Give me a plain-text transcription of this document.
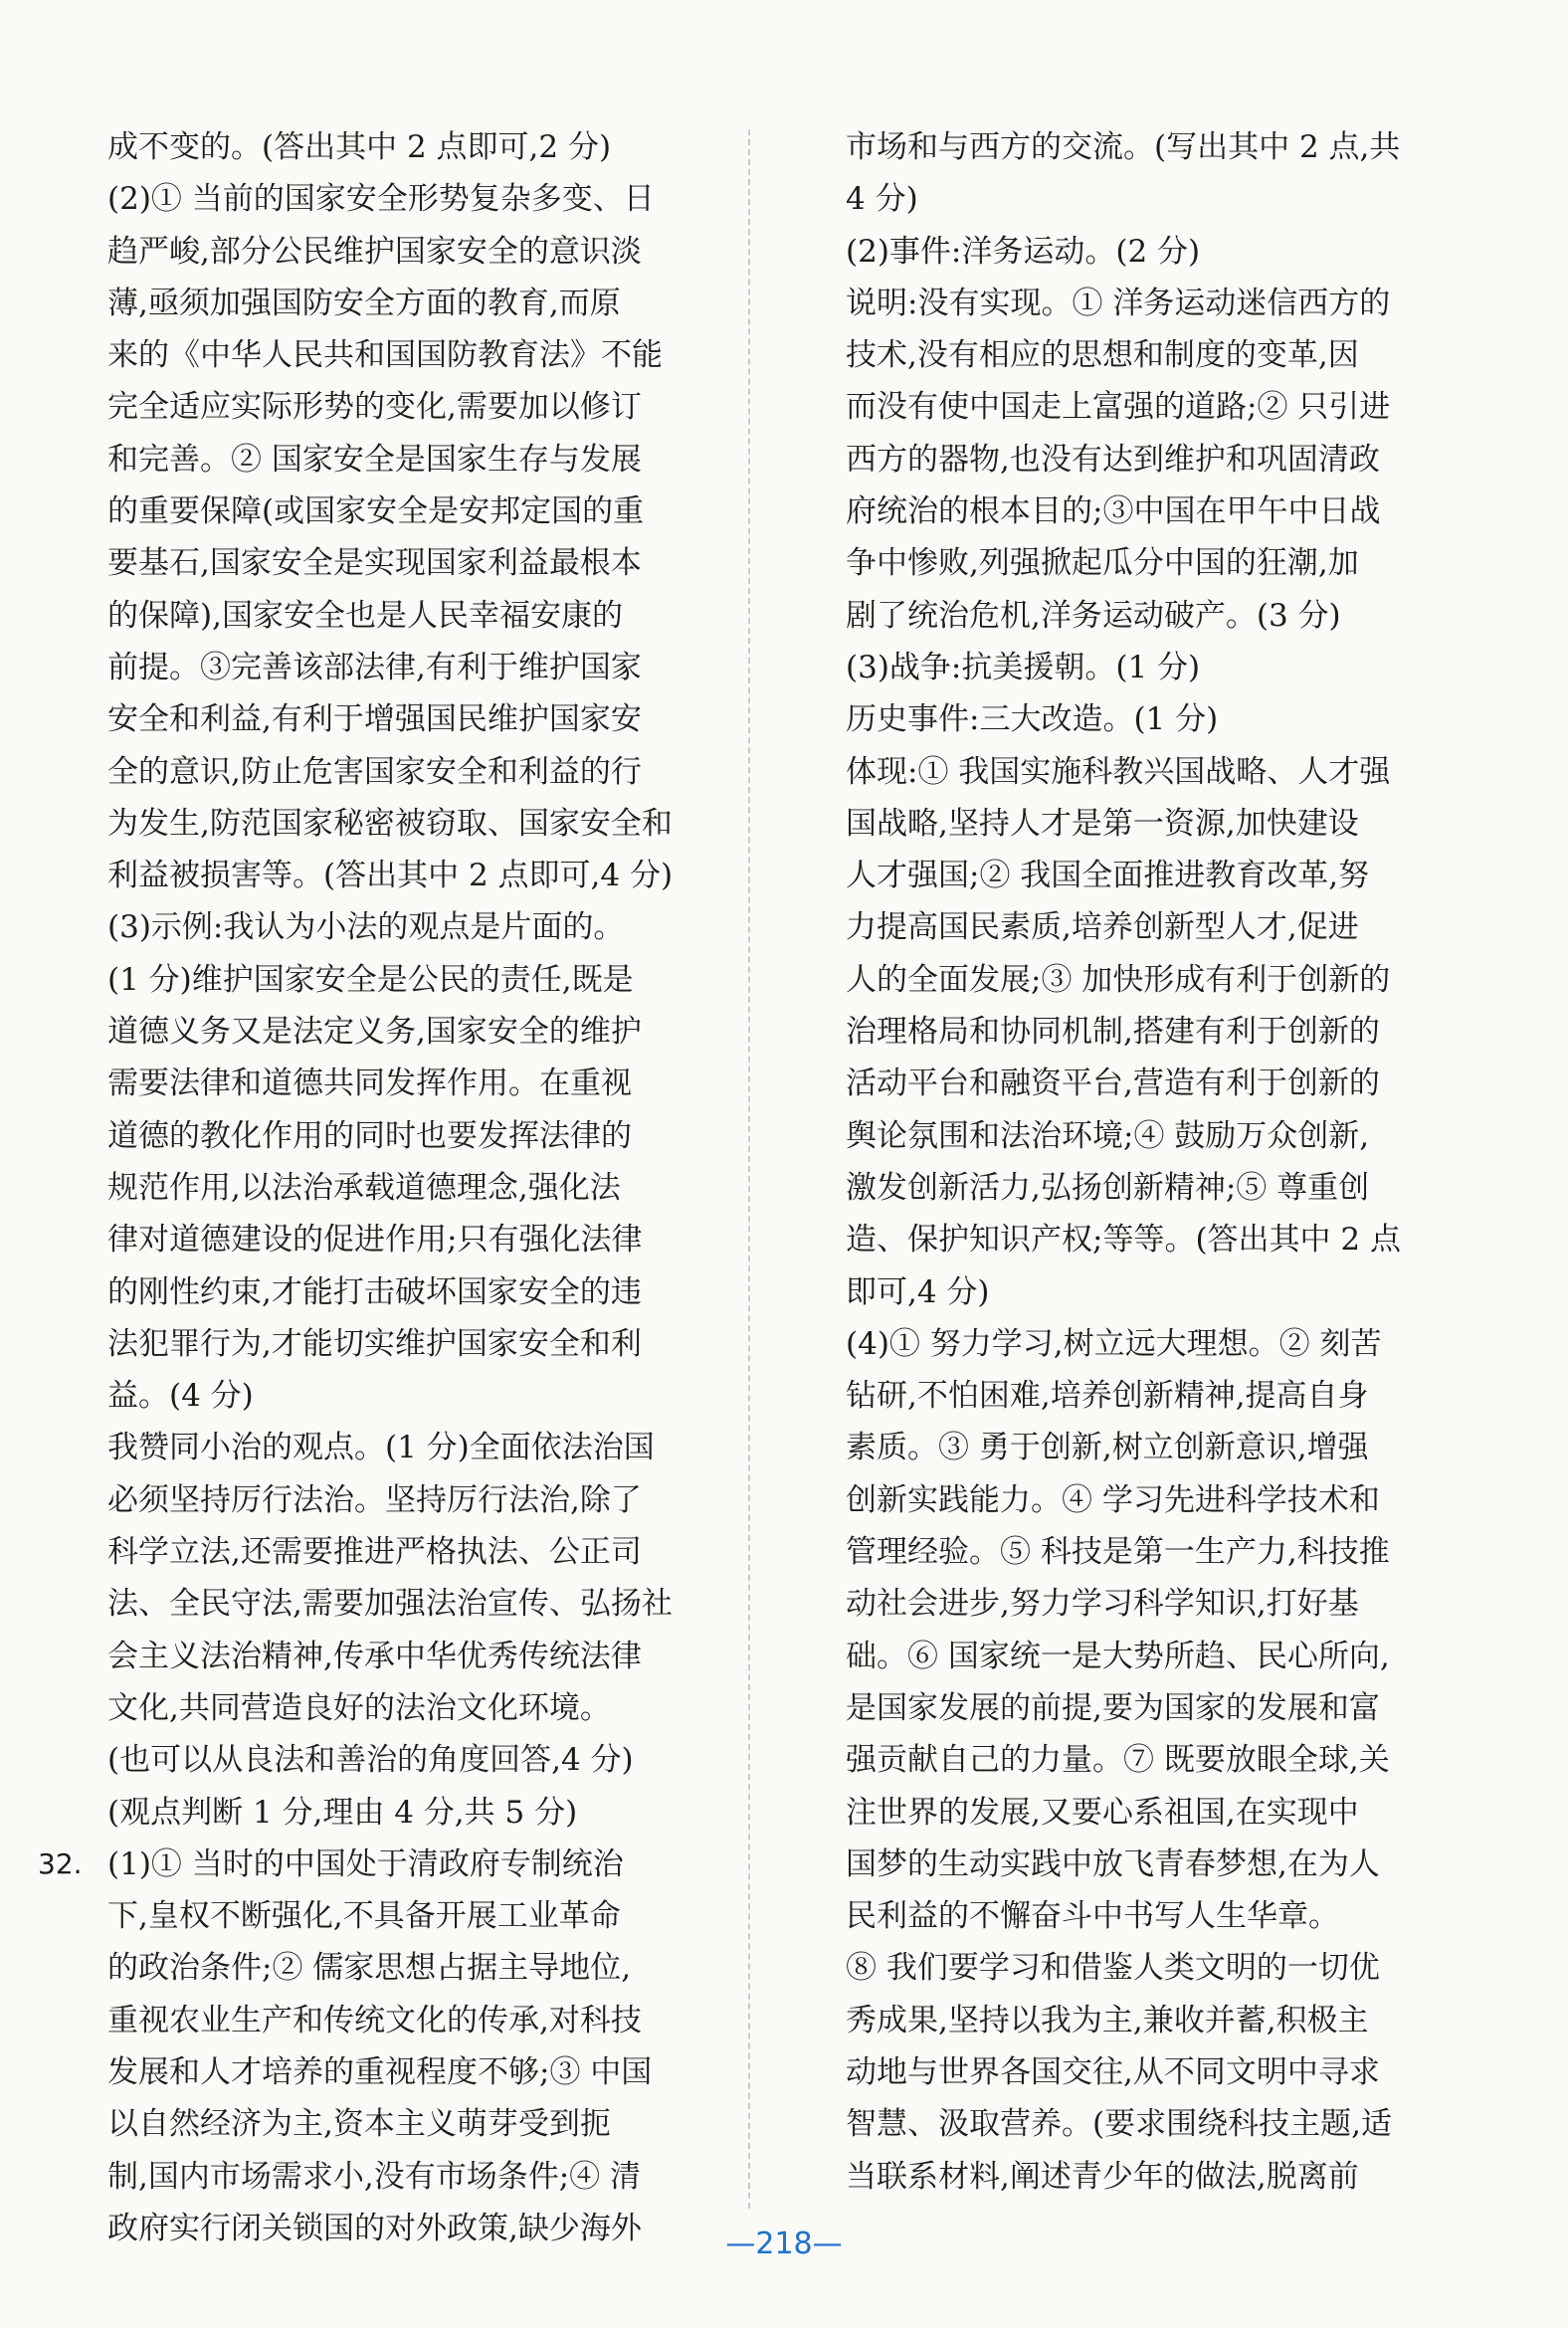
成不变的。(答出其中 2 点即可,2 分)
(2)① 当前的国家安全形势复杂多变、日
趋严峻,部分公民维护国家安全的意识淡
薄,亟须加强国防安全方面的教育,而原
来的《中华人民共和国国防教育法》不能
完全适应实际形势的变化,需要加以修订
和完善。② 国家安全是国家生存与发展
的重要保障(或国家安全是安邦定国的重
要基石,国家安全是实现国家利益最根本
的保障),国家安全也是人民幸福安康的
前提。③完善该部法律,有利于维护国家
安全和利益,有利于增强国民维护国家安
全的意识,防止危害国家安全和利益的行
为发生,防范国家秘密被窃取、国家安全和
利益被损害等。(答出其中 2 点即可,4 分)
(3)示例:我认为小法的观点是片面的。
(1 分)维护国家安全是公民的责任,既是
道德义务又是法定义务,国家安全的维护
需要法律和道德共同发挥作用。在重视
道德的教化作用的同时也要发挥法律的
规范作用,以法治承载道德理念,强化法
律对道德建设的促进作用;只有强化法律
的刚性约束,才能打击破坏国家安全的违
法犯罪行为,才能切实维护国家安全和利
益。(4 分)
我赞同小治的观点。(1 分)全面依法治国
必须坚持厉行法治。坚持厉行法治,除了
科学立法,还需要推进严格执法、公正司
法、全民守法,需要加强法治宣传、弘扬社
会主义法治精神,传承中华优秀传统法律
文化,共同营造良好的法治文化环境。
(也可以从良法和善治的角度回答,4 分)
(观点判断 1 分,理由 4 分,共 5 分)
(1)① 当时的中国处于清政府专制统治
下,皇权不断强化,不具备开展工业革命
的政治条件;② 儒家思想占据主导地位,
重视农业生产和传统文化的传承,对科技
发展和人才培养的重视程度不够;③ 中国
以自然经济为主,资本主义萌芽受到扼
制,国内市场需求小,没有市场条件;④ 清
政府实行闭关锁国的对外政策,缺少海外
32.
市场和与西方的交流。(写出其中 2 点,共
4 分)
(2)事件:洋务运动。(2 分)
说明:没有实现。① 洋务运动迷信西方的
技术,没有相应的思想和制度的变革,因
而没有使中国走上富强的道路;② 只引进
西方的器物,也没有达到维护和巩固清政
府统治的根本目的;③中国在甲午中日战
争中惨败,列强掀起瓜分中国的狂潮,加
剧了统治危机,洋务运动破产。(3 分)
(3)战争:抗美援朝。(1 分)
历史事件:三大改造。(1 分)
体现:① 我国实施科教兴国战略、人才强
国战略,坚持人才是第一资源,加快建设
人才强国;② 我国全面推进教育改革,努
力提高国民素质,培养创新型人才,促进
人的全面发展;③ 加快形成有利于创新的
治理格局和协同机制,搭建有利于创新的
活动平台和融资平台,营造有利于创新的
舆论氛围和法治环境;④ 鼓励万众创新,
激发创新活力,弘扬创新精神;⑤ 尊重创
造、保护知识产权;等等。(答出其中 2 点
即可,4 分)
(4)① 努力学习,树立远大理想。② 刻苦
钻研,不怕困难,培养创新精神,提高自身
素质。③ 勇于创新,树立创新意识,增强
创新实践能力。④ 学习先进科学技术和
管理经验。⑤ 科技是第一生产力,科技推
动社会进步,努力学习科学知识,打好基
础。⑥ 国家统一是大势所趋、民心所向,
是国家发展的前提,要为国家的发展和富
强贡献自己的力量。⑦ 既要放眼全球,关
注世界的发展,又要心系祖国,在实现中
国梦的生动实践中放飞青春梦想,在为人
民利益的不懈奋斗中书写人生华章。
⑧ 我们要学习和借鉴人类文明的一切优
秀成果,坚持以我为主,兼收并蓄,积极主
动地与世界各国交往,从不同文明中寻求
智慧、汲取营养。(要求围绕科技主题,适
当联系材料,阐述青少年的做法,脱离前
—218—
